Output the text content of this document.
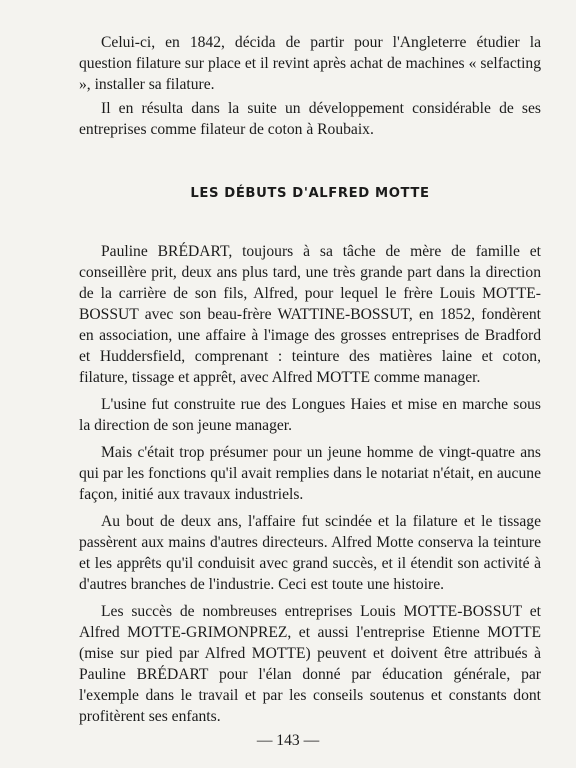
Celui-ci, en 1842, décida de partir pour l'Angleterre étudier la question filature sur place et il revint après achat de machines « selfacting », installer sa filature.

Il en résulta dans la suite un développement considérable de ses entreprises comme filateur de coton à Roubaix.

LES DÉBUTS D'ALFRED MOTTE

Pauline BRÉDART, toujours à sa tâche de mère de famille et conseillère prit, deux ans plus tard, une très grande part dans la direction de la carrière de son fils, Alfred, pour lequel le frère Louis MOTTE-BOSSUT avec son beau-frère WATTINE-BOSSUT, en 1852, fondèrent en association, une affaire à l'image des grosses entreprises de Bradford et Huddersfield, comprenant : teinture des matières laine et coton, filature, tissage et apprêt, avec Alfred MOTTE comme manager.

L'usine fut construite rue des Longues Haies et mise en marche sous la direction de son jeune manager.

Mais c'était trop présumer pour un jeune homme de vingt-quatre ans qui par les fonctions qu'il avait remplies dans le notariat n'était, en aucune façon, initié aux travaux industriels.

Au bout de deux ans, l'affaire fut scindée et la filature et le tissage passèrent aux mains d'autres directeurs. Alfred Motte conserva la teinture et les apprêts qu'il conduisit avec grand succès, et il étendit son activité à d'autres branches de l'industrie. Ceci est toute une histoire.

Les succès de nombreuses entreprises Louis MOTTE-BOSSUT et Alfred MOTTE-GRIMONPREZ, et aussi l'entreprise Etienne MOTTE (mise sur pied par Alfred MOTTE) peuvent et doivent être attribués à Pauline BRÉDART pour l'élan donné par éducation générale, par l'exemple dans le travail et par les conseils soutenus et constants dont profitèrent ses enfants.

— 143 —
